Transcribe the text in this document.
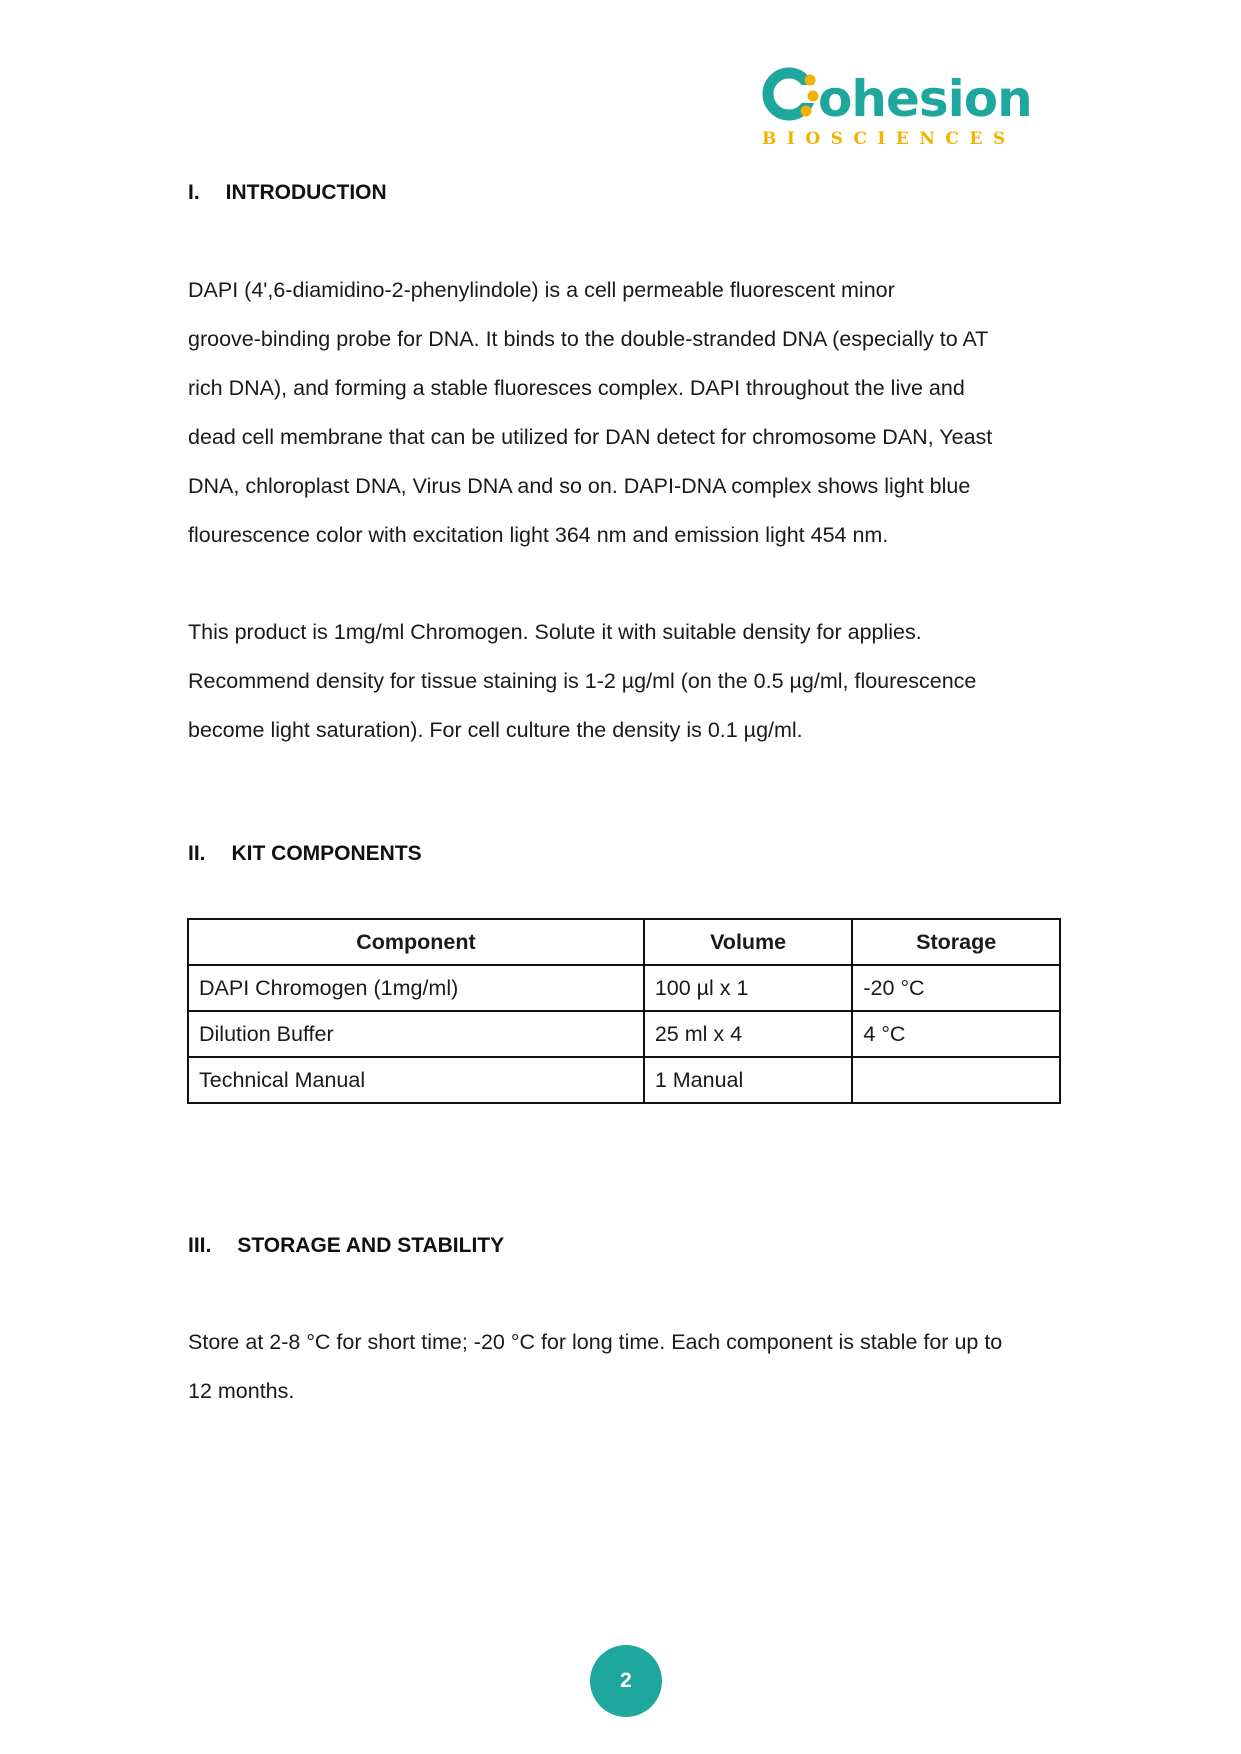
ohesion
BIOSCIENCES
I. INTRODUCTION
DAPI (4',6-diamidino-2-phenylindole) is a cell permeable fluorescent minor
groove-binding probe for DNA. It binds to the double-stranded DNA (especially to AT
rich DNA), and forming a stable fluoresces complex. DAPI throughout the live and
dead cell membrane that can be utilized for DAN detect for chromosome DAN, Yeast
DNA, chloroplast DNA, Virus DNA and so on. DAPI-DNA complex shows light blue
flourescence color with excitation light 364 nm and emission light 454 nm.
This product is 1mg/ml Chromogen. Solute it with suitable density for applies.
Recommend density for tissue staining is 1-2 µg/ml (on the 0.5 µg/ml, flourescence
become light saturation). For cell culture the density is 0.1 µg/ml.
II. KIT COMPONENTS
Component	Volume	Storage
DAPI Chromogen (1mg/ml)	100 µl x 1	-20 °C
Dilution Buffer	25 ml x 4	4 °C
Technical Manual	1 Manual	
III. STORAGE AND STABILITY
Store at 2-8 °C for short time; -20 °C for long time. Each component is stable for up to
12 months.
2
